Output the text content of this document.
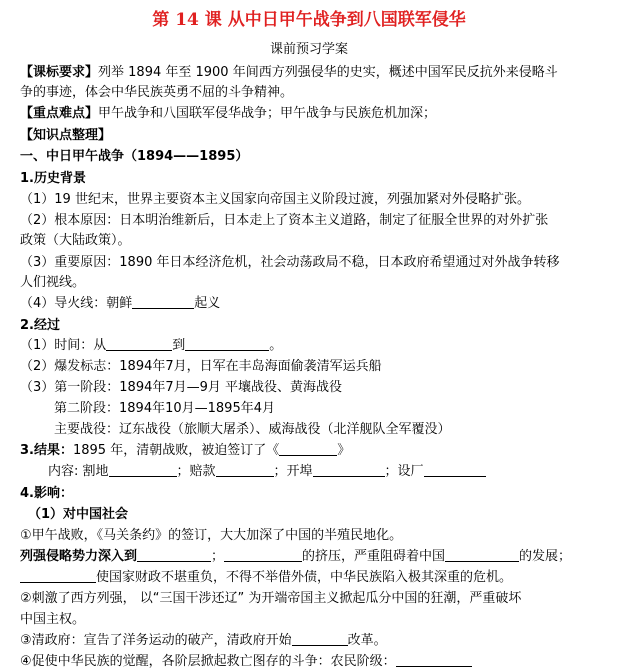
第 14 课 从中日甲午战争到八国联军侵华
课前预习学案
【课标要求】列举 1894 年至 1900 年间西方列强侵华的史实，概述中国军民反抗外来侵略斗
争的事迹，体会中华民族英勇不屈的斗争精神。
【重点难点】甲午战争和八国联军侵华战争；甲午战争与民族危机加深；
【知识点整理】
一、中日甲午战争（1894——1895）
1.历史背景
（1）19 世纪末，世界主要资本主义国家向帝国主义阶段过渡，列强加紧对外侵略扩张。
（2）根本原因：日本明治维新后，日本走上了资本主义道路，制定了征服全世界的对外扩张
政策（大陆政策）。
（3）重要原因：1890 年日本经济危机，社会动荡政局不稳，日本政府希望通过对外战争转移
人们视线。
（4）导火线：朝鲜	起义
2.经过
（1）时间：从	到	。
（2）爆发标志：1894年7月，日军在丰岛海面偷袭清军运兵船
（3）第一阶段：1894年7月—9月 平壤战役、黄海战役
第二阶段：1894年10月—1895年4月
主要战役：辽东战役（旅顺大屠杀）、威海战役（北洋舰队全军覆没）
3.结果：1895 年，清朝战败，被迫签订了《	》
内容: 割地	；赔款	；开埠	；设厂
4.影响：
（1）对中国社会
①甲午战败，《马关条约》的签订，大大加深了中国的半殖民地化。
列强侵略势力深入到	；	的挤压，严重阻碍着中国	的发展；
使国家财政不堪重负，不得不举借外债，中华民族陷入极其深重的危机。
②刺激了西方列强， 以“三国干涉还辽” 为开端帝国主义掀起瓜分中国的狂潮，严重破坏
中国主权。
③清政府：宣告了洋务运动的破产，清政府开始	改革。
④促使中华民族的觉醒，各阶层掀起救亡图存的斗争：农民阶级：
